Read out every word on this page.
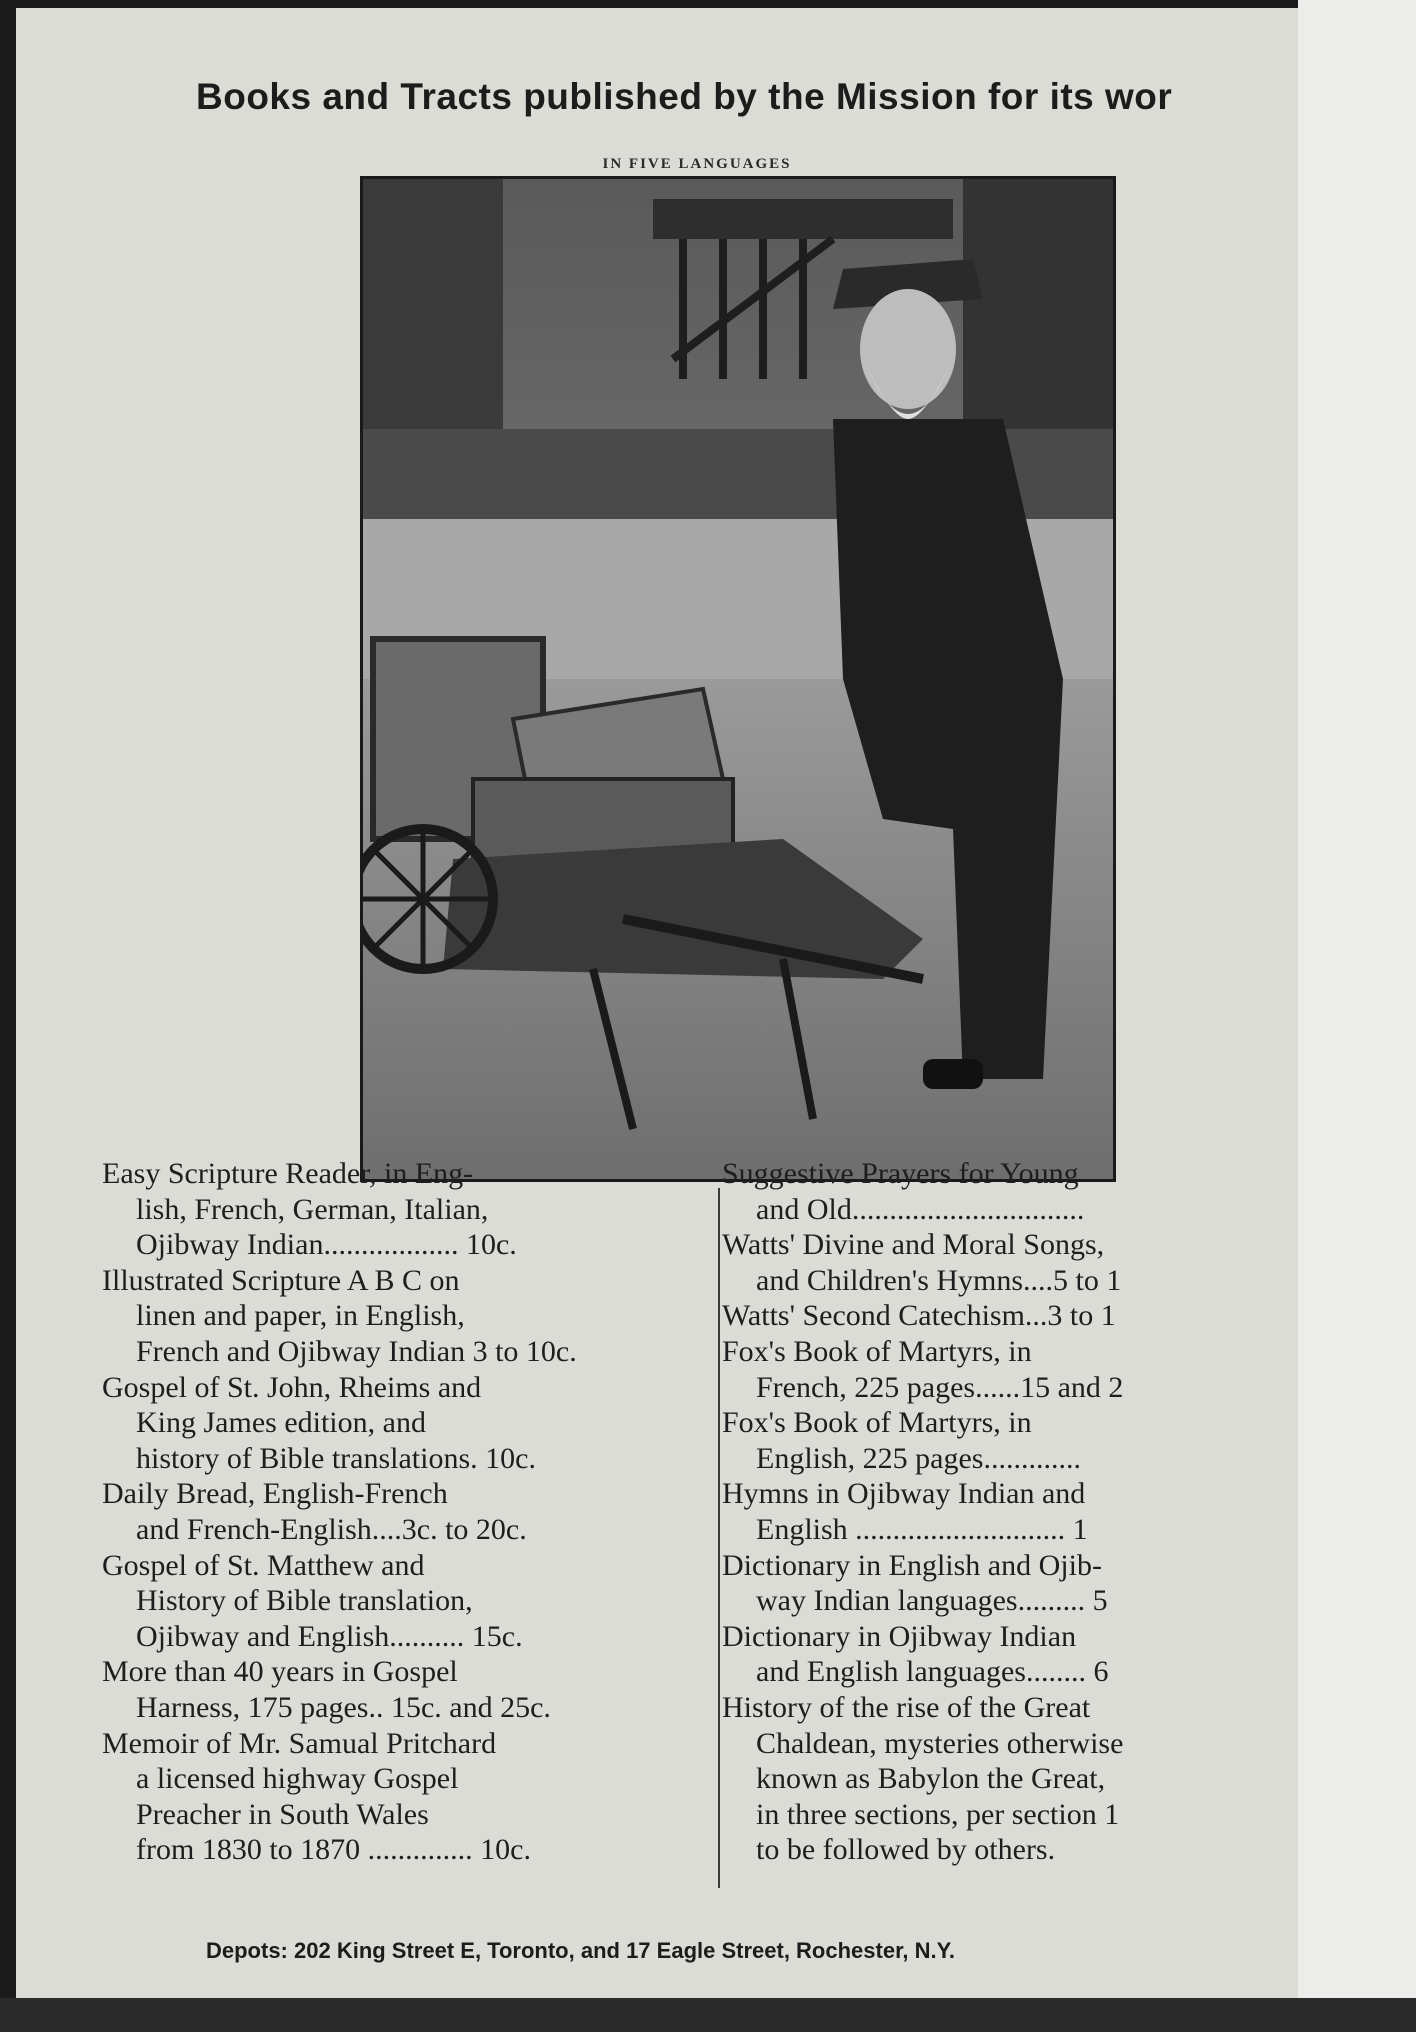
Books and Tracts published by the Mission for its wor
IN FIVE LANGUAGES
Easy Scripture Reader, in Eng-
lish, French, German, Italian,
Ojibway Indian.................. 10c.
Illustrated Scripture A B C on
linen and paper, in English,
French and Ojibway Indian 3 to 10c.
Gospel of St. John, Rheims and
King James edition, and
history of Bible translations. 10c.
Daily Bread, English-French
and French-English....3c. to 20c.
Gospel of St. Matthew and
History of Bible translation,
Ojibway and English.......... 15c.
More than 40 years in Gospel
Harness, 175 pages.. 15c. and 25c.
Memoir of Mr. Samual Pritchard
a licensed highway Gospel
Preacher in South Wales
from 1830 to 1870 .............. 10c.
Suggestive Prayers for Young
and Old...............................
Watts' Divine and Moral Songs,
and Children's Hymns....5 to 1
Watts' Second Catechism...3 to 1
Fox's Book of Martyrs, in
French, 225 pages......15 and 2
Fox's Book of Martyrs, in
English, 225 pages.............
Hymns in Ojibway Indian and
English ............................ 1
Dictionary in English and Ojib-
way Indian languages......... 5
Dictionary in Ojibway Indian
and English languages........ 6
History of the rise of the Great
Chaldean, mysteries otherwise
known as Babylon the Great,
in three sections, per section 1
to be followed by others.
Depots: 202 King Street E, Toronto, and 17 Eagle Street, Rochester, N.Y.
